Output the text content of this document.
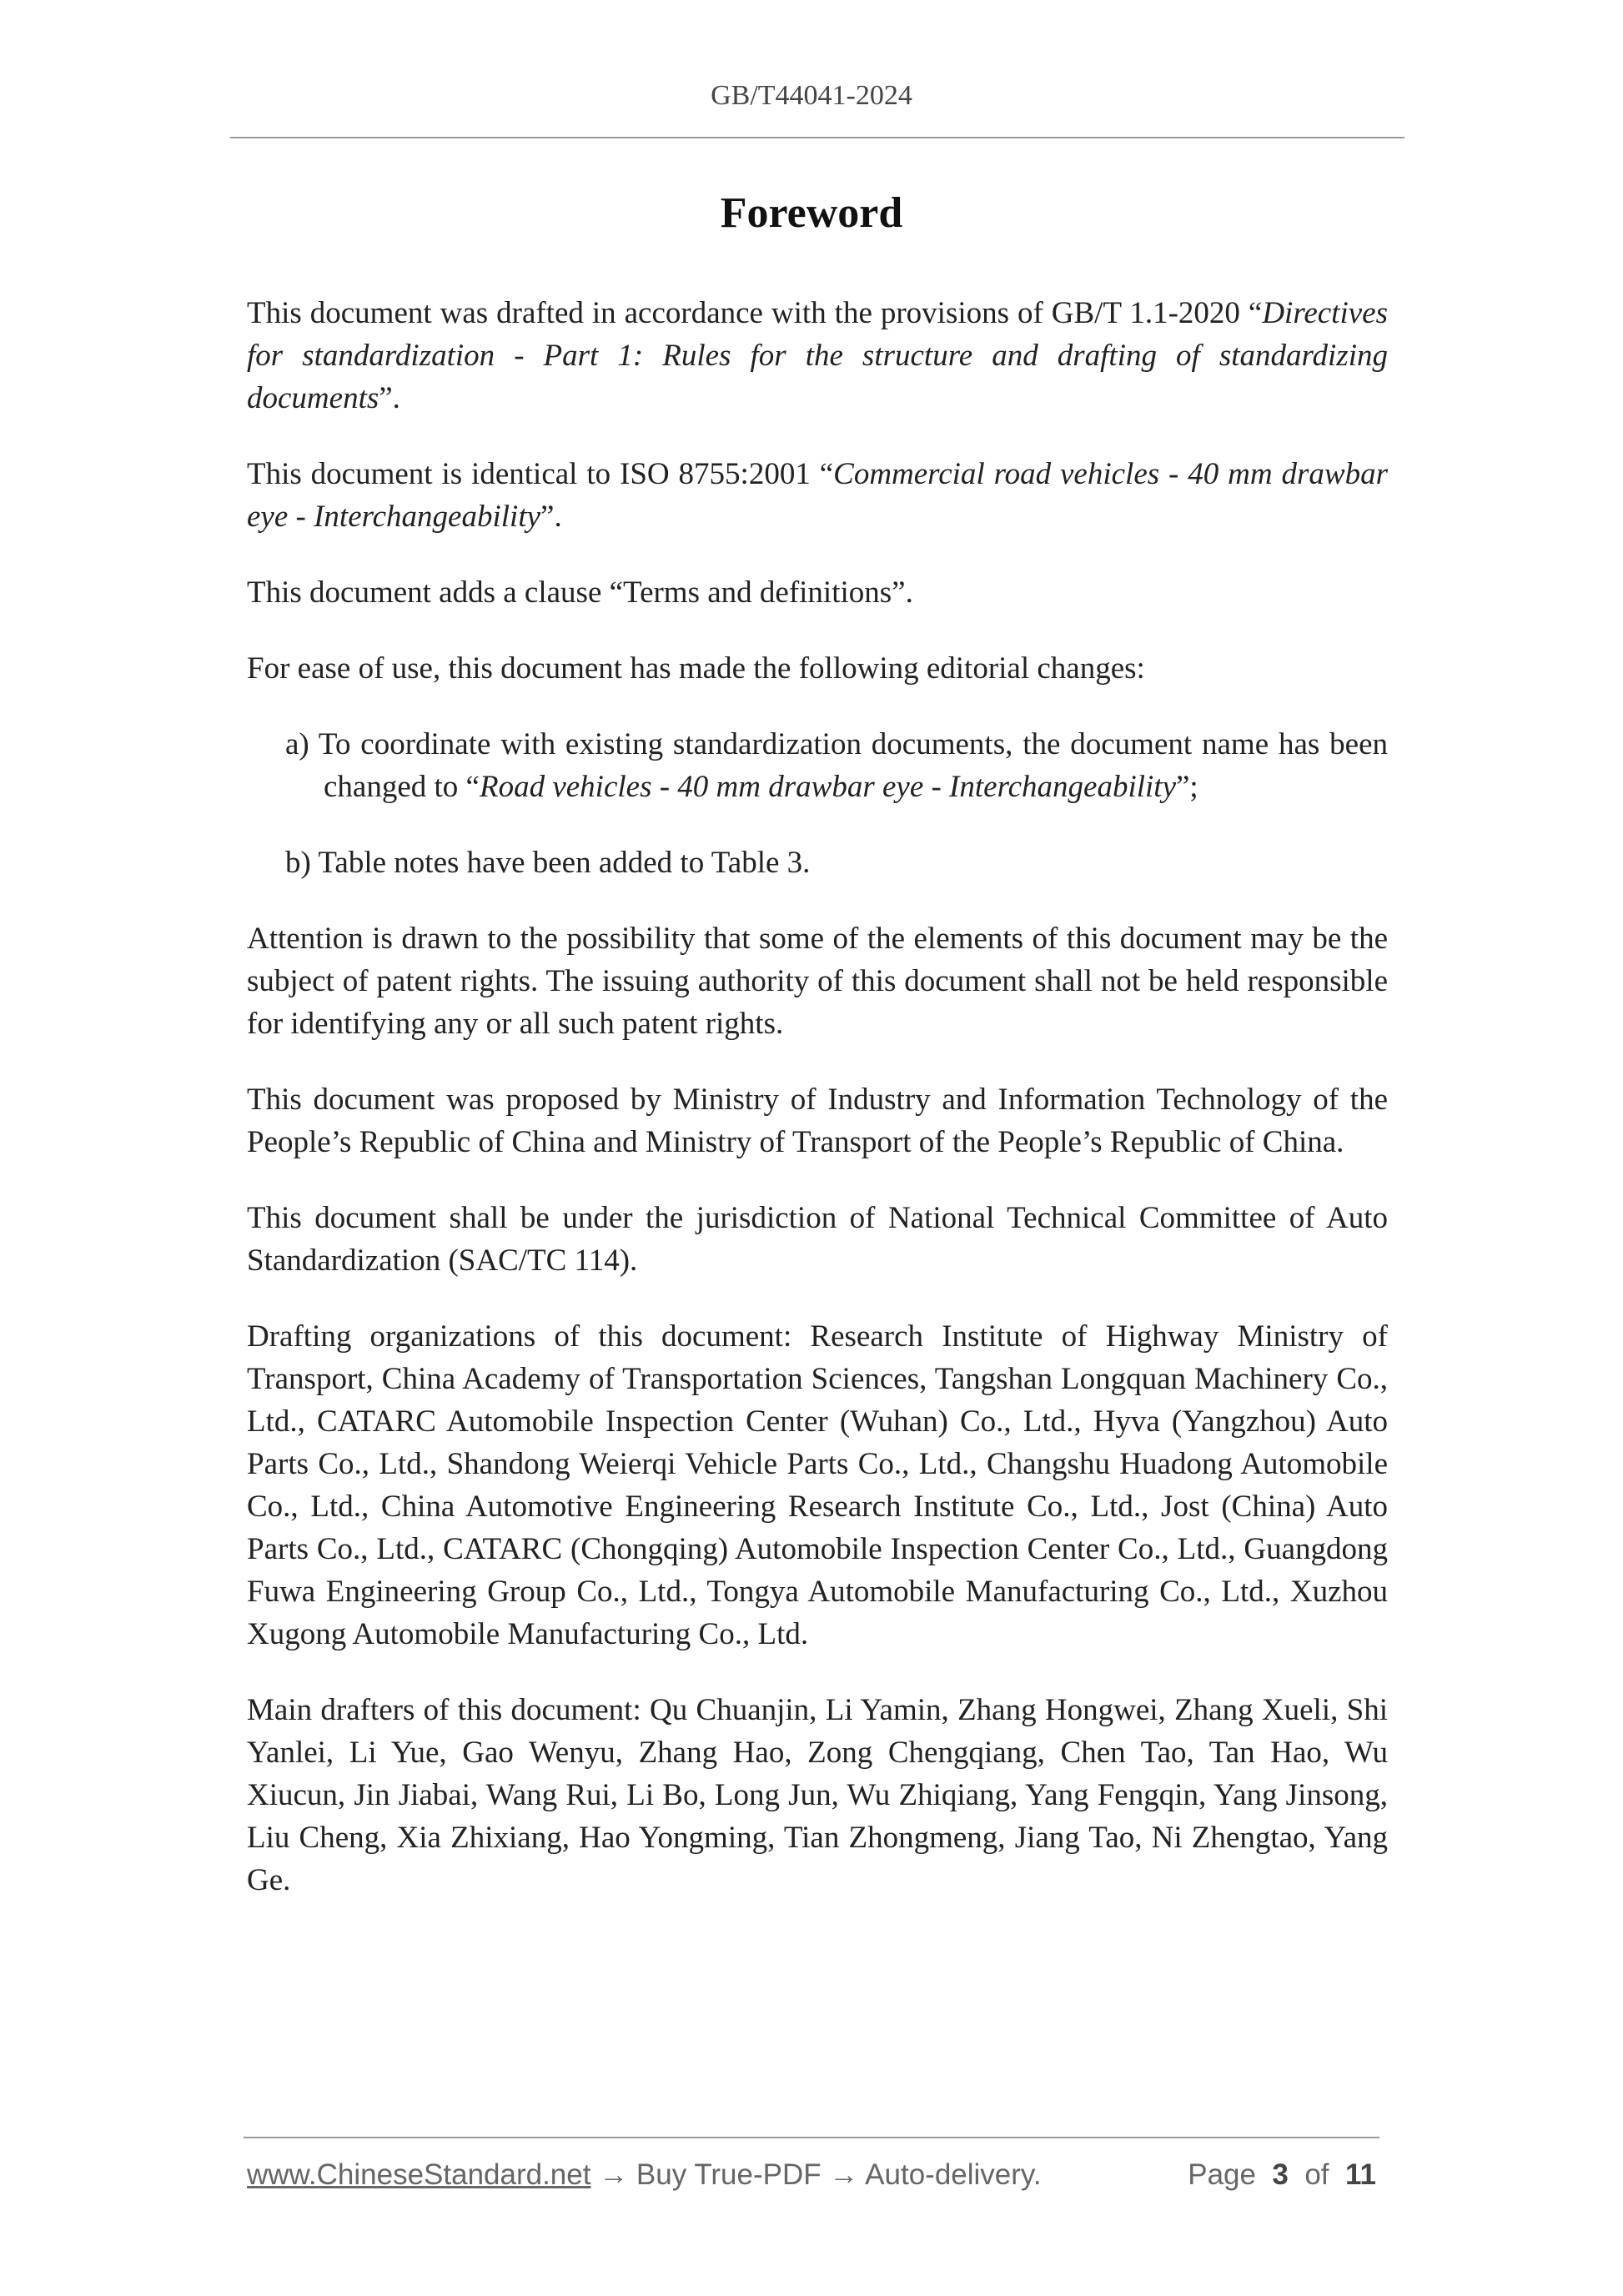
GB/T44041-2024
Foreword

This document was drafted in accordance with the provisions of GB/T 1.1-2020 “Directives for standardization - Part 1: Rules for the structure and drafting of standardizing documents”.

This document is identical to ISO 8755:2001 “Commercial road vehicles - 40 mm drawbar eye - Interchangeability”.

This document adds a clause “Terms and definitions”.

For ease of use, this document has made the following editorial changes:

a) To coordinate with existing standardization documents, the document name has been changed to “Road vehicles - 40 mm drawbar eye - Interchangeability”;

b) Table notes have been added to Table 3.

Attention is drawn to the possibility that some of the elements of this document may be the subject of patent rights. The issuing authority of this document shall not be held responsible for identifying any or all such patent rights.

This document was proposed by Ministry of Industry and Information Technology of the People’s Republic of China and Ministry of Transport of the People’s Republic of China.

This document shall be under the jurisdiction of National Technical Committee of Auto Standardization (SAC/TC 114).

Drafting organizations of this document: Research Institute of Highway Ministry of Transport, China Academy of Transportation Sciences, Tangshan Longquan Machinery Co., Ltd., CATARC Automobile Inspection Center (Wuhan) Co., Ltd., Hyva (Yangzhou) Auto Parts Co., Ltd., Shandong Weierqi Vehicle Parts Co., Ltd., Changshu Huadong Automobile Co., Ltd., China Automotive Engineering Research Institute Co., Ltd., Jost (China) Auto Parts Co., Ltd., CATARC (Chongqing) Automobile Inspection Center Co., Ltd., Guangdong Fuwa Engineering Group Co., Ltd., Tongya Automobile Manufacturing Co., Ltd., Xuzhou Xugong Automobile Manufacturing Co., Ltd.

Main drafters of this document: Qu Chuanjin, Li Yamin, Zhang Hongwei, Zhang Xueli, Shi Yanlei, Li Yue, Gao Wenyu, Zhang Hao, Zong Chengqiang, Chen Tao, Tan Hao, Wu Xiucun, Jin Jiabai, Wang Rui, Li Bo, Long Jun, Wu Zhiqiang, Yang Fengqin, Yang Jinsong, Liu Cheng, Xia Zhixiang, Hao Yongming, Tian Zhongmeng, Jiang Tao, Ni Zhengtao, Yang Ge.

www.ChineseStandard.net → Buy True-PDF → Auto-delivery.	Page 3 of 11
